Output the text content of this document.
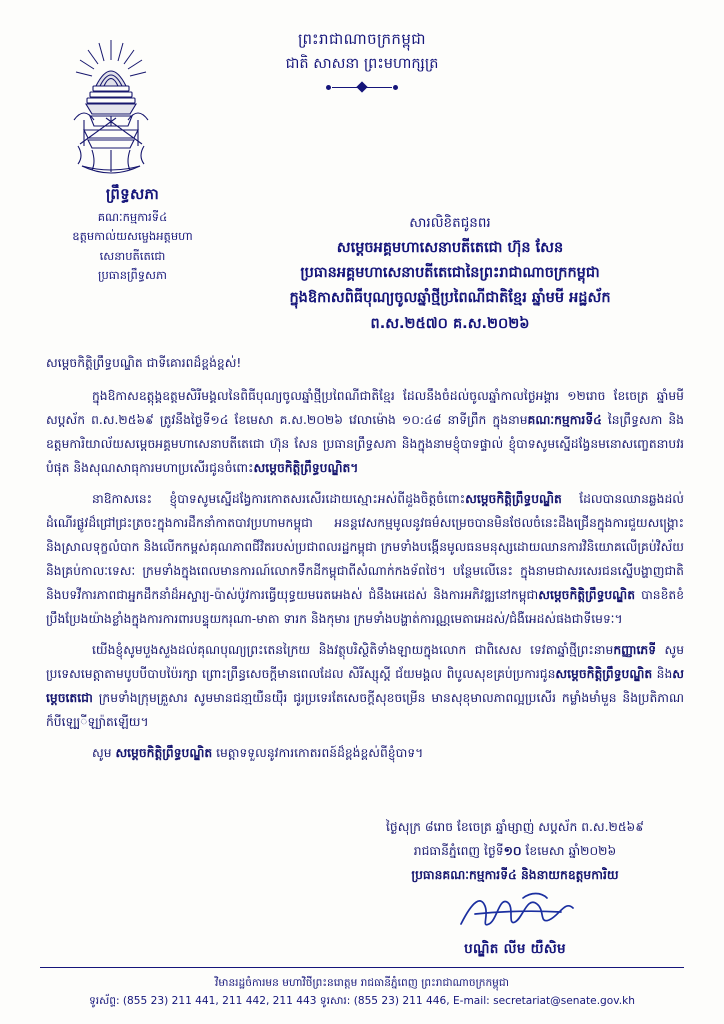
ព្រះរាជាណាចក្រកម្ពុជា
ជាតិ សាសនា ព្រះមហាក្សត្រ
ព្រឹទ្ធសភា
គណៈកម្មការទី៤
ឧត្តមកាល់យសម្ចេងអត្តមហាសេនាបតីតេជោ
ប្រធានព្រឹទ្ធសភា
សារលិខិតជូនពរ
សម្តេចអគ្គមហាសេនាបតីតេជោ ហ៊ុន សែន
ប្រធានអគ្គមហាសេនាបតីតេជោនៃព្រះរាជាណាចក្រកម្ពុជា
ក្នុងឱកាសពិធីបុណ្យចូលឆ្នាំថ្មីប្រពៃណីជាតិខ្មែរ ឆ្នាំមមី អដ្ឋស័ក
ព.ស.២៥៧០ គ.ស.២០២៦

សម្តេចកិត្តិព្រឹទ្ធបណ្ឌិត ជាទីគោរពដ៏ខ្ពង់ខ្ពស់!

ក្នុងឱកាសឧត្តុង្គឧត្តមសិរីមង្គលនៃពិធីបុណ្យចូលឆ្នាំថ្មីប្រពៃណីជាតិខ្មែរ ដែលនឹងចំដល់ចូលឆ្នាំកាលថ្ងៃអង្គារ ១២រោច ខែចេត្រ ឆ្នាំមមី សប្តស័ក ព.ស.២៥៦៩ ត្រូវនឹងថ្ងៃទី១៤ ខែមេសា គ.ស.២០២៦ វេលាម៉ោង ១០:៤៨ នាទីព្រឹក ក្នុងនាមគណៈកម្មការទី៤ នៃព្រឹទ្ធសភា និងឧត្តមការិយាល័យសម្តេចអគ្គមហាសេនាបតីតេជោ ហ៊ុន សែន ប្រធានព្រឹទ្ធសភា និងក្នុងនាមខ្ញុំបាទផ្ទាល់ ខ្ញុំបាទសូមស្នើដង្វែនមនោសញ្ចេតនាបវរបំផុត និងសុណសាធុការមហាប្រសើរជូនចំពោះសម្តេចកិត្តិព្រឹទ្ធបណ្ឌិត។

នាឱកាសនេះ ខ្ញុំបាទសូមស្នើដង្វែការកោតសរសើរដោយស្មោះអស់ពីដួងចិត្តចំពោះសម្តេចកិត្តិព្រឹទ្ធបណ្ឌិត ដែលបានឈានឆ្លងដល់ដំណើរផ្លូវដ៏ជ្រៅជ្រះត្រចះក្នុងការដឹកនាំកាតបាវប្រហាមកម្ពុជា អនន្តវេសកម្មមូលនូវធម៌សម្រេចបានមិនថែលចំនេះដឹងជ្រើនក្នុងការជួយសង្គ្រោះ និងស្រាលទុក្ខលំបាក និងលើកកម្ពស់គុណភាពជីវិតរបស់ប្រជាពលរដ្ឋកម្ពុជា ក្រមទាំងបង្កើនមូលធនមនុស្សដោយឈានការវិនិយោគលើគ្រប់វិស័យ និងគ្រប់កាលៈទេសៈ ក្រមទាំងក្នុងពេលមានការណ៍លោកទឹកដីកម្ពុជាពីសំណាក់កងទ័ពថៃ។ បន្ថែមលើនេះ ក្នុងនាមជាសរសេរជនស្នើបង្ហាញជាតិនិងបទវីការភាពជាអ្នកដឹកនាំដ៏អស្ចារ្យ-ប៉ាស់ប៉ូវការធ្វើយុទ្ធយមរេតអេងស់ ជំនឹងអេដេស់ និងការអភិវឌ្ឍនៅកម្ពុជាសម្តេចកិត្តិព្រឹទ្ធបណ្ឌិត បានខិតខំប្រឹងប្រែងយ៉ាងខ្លាំងក្នុងការការពារបន្ទុយករុណា-មាតា ទារក និងកុមារ ក្រមទាំងបង្ហាត់ការណ្ណមេតាអេដស់/ជំងឺអេដស់ផងជាទីមេទៈ។

យើងខ្ញុំសូមបួងសួងដល់គុណបុណ្យព្រះតេនក្រៃយ និងវត្ថុបរិស្ថិតិទាំងឡាយក្នុងលោក ជាពិសេស ទេវតាឆ្នាំថ្មីព្រះនាមកញ្ញាភេទី សូមប្រទេសមេត្តាតាមបូបបីបាបប៉ៃរក្សា ព្រោះព្រឹន្ធសេចក្តីមានពេលដែល សិរីស្សុស្តី ជ័យមង្គល ពិបូលសុខគ្រប់ប្រការជូនសម្តេចកិត្តិព្រឹទ្ធបណ្ឌិត និងសម្តេចតេជោ ក្រមទាំងក្រុមគ្រួសារ សូមមានជនា្មយឺនយ៉ឺរ ជូរប្រទេរតែសេចក្តីសុខចម្រើន មានសុខុមាលភាពល្អប្រសើរ កម្លាំងមាំមួន និងប្រតិភាណ ក៏បីឡេ្បីឡ្យ៉ាតឡើយ។

សូម សម្តេចកិត្តិព្រឹទ្ធបណ្ឌិត មេត្តាទទួលនូវការកោតរពន៍ដ៏ខ្ពង់ខ្ពស់ពីខ្ញុំបាទ។

ថ្ងៃសុក្រ ៨រោច ខែចេត្រ ឆ្នាំម្សាញ់ សប្តស័ក ព.ស.២៥៦៩
រាជធានីភ្នំពេញ ថ្ងៃទី១០ ខែមេសា ឆ្នាំ២០២៦
ប្រធានគណៈកម្មការទី៤ និងនាយកឧត្តមការិយ
បណ្ឌិត លីម យឺសិម
វិមានរដ្ឋចំការមន មហាវិថីព្រះនរោត្តម រាជធានីភ្នំពេញ ព្រះរាជាណាចក្រកម្ពុជា
ទូរស័ព្ទ: (855 23) 211 441, 211 442, 211 443 ទូរសារ: (855 23) 211 446, E-mail: secretariat@senate.gov.kh
